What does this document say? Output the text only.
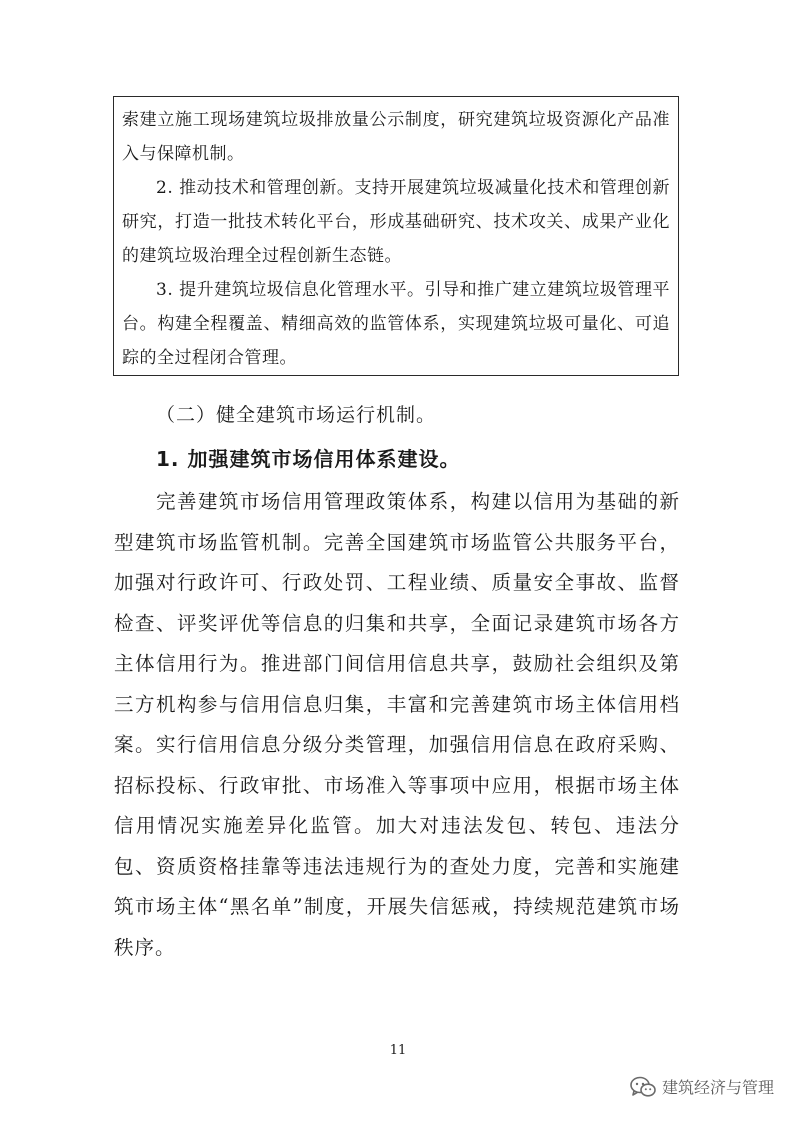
索建立施工现场建筑垃圾排放量公示制度，研究建筑垃圾资源化产品准入与保障机制。

2. 推动技术和管理创新。支持开展建筑垃圾减量化技术和管理创新研究，打造一批技术转化平台，形成基础研究、技术攻关、成果产业化的建筑垃圾治理全过程创新生态链。

3. 提升建筑垃圾信息化管理水平。引导和推广建立建筑垃圾管理平台。构建全程覆盖、精细高效的监管体系，实现建筑垃圾可量化、可追踪的全过程闭合管理。

（二）健全建筑市场运行机制。

1. 加强建筑市场信用体系建设。

完善建筑市场信用管理政策体系，构建以信用为基础的新型建筑市场监管机制。完善全国建筑市场监管公共服务平台，加强对行政许可、行政处罚、工程业绩、质量安全事故、监督检查、评奖评优等信息的归集和共享，全面记录建筑市场各方主体信用行为。推进部门间信用信息共享，鼓励社会组织及第三方机构参与信用信息归集，丰富和完善建筑市场主体信用档案。实行信用信息分级分类管理，加强信用信息在政府采购、招标投标、行政审批、市场准入等事项中应用，根据市场主体信用情况实施差异化监管。加大对违法发包、转包、违法分包、资质资格挂靠等违法违规行为的查处力度，完善和实施建筑市场主体“黑名单”制度，开展失信惩戒，持续规范建筑市场秩序。

11

建筑经济与管理
